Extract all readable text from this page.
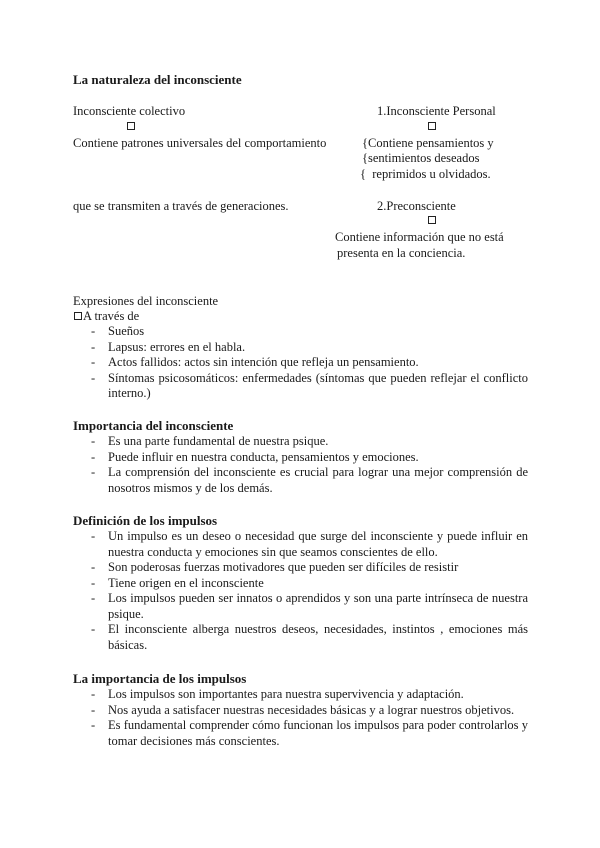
La naturaleza del inconsciente
Inconsciente colectivo
Contiene patrones universales del comportamiento
que se transmiten a través de generaciones.
1.Inconsciente Personal
{Contiene pensamientos y
{sentimientos deseados
{  reprimidos u olvidados.
2.Preconsciente
Contiene información que no está
presenta en la conciencia.
Expresiones del inconsciente
A través de
- Sueños
- Lapsus: errores en el habla.
- Actos fallidos: actos sin intención que refleja un pensamiento.
- Síntomas psicosomáticos: enfermedades (síntomas que pueden reflejar el conflicto interno.)
Importancia del inconsciente
- Es una parte fundamental de nuestra psique.
- Puede influir en nuestra conducta, pensamientos y emociones.
- La comprensión del inconsciente es crucial para lograr una mejor comprensión de nosotros mismos y de los demás.
Definición de los impulsos
- Un impulso es un deseo o necesidad que surge del inconsciente y puede influir en nuestra conducta y emociones sin que seamos conscientes de ello.
- Son poderosas fuerzas motivadores que pueden ser difíciles de resistir
- Tiene origen en el inconsciente
- Los impulsos pueden ser innatos o aprendidos y son una parte intrínseca de nuestra psique.
- El inconsciente alberga nuestros deseos, necesidades, instintos , emociones más básicas.
La importancia de los impulsos
- Los impulsos son importantes para nuestra supervivencia y adaptación.
- Nos ayuda a satisfacer nuestras necesidades básicas y a lograr nuestros objetivos.
- Es fundamental comprender cómo funcionan los impulsos para poder controlarlos y tomar decisiones más conscientes.
